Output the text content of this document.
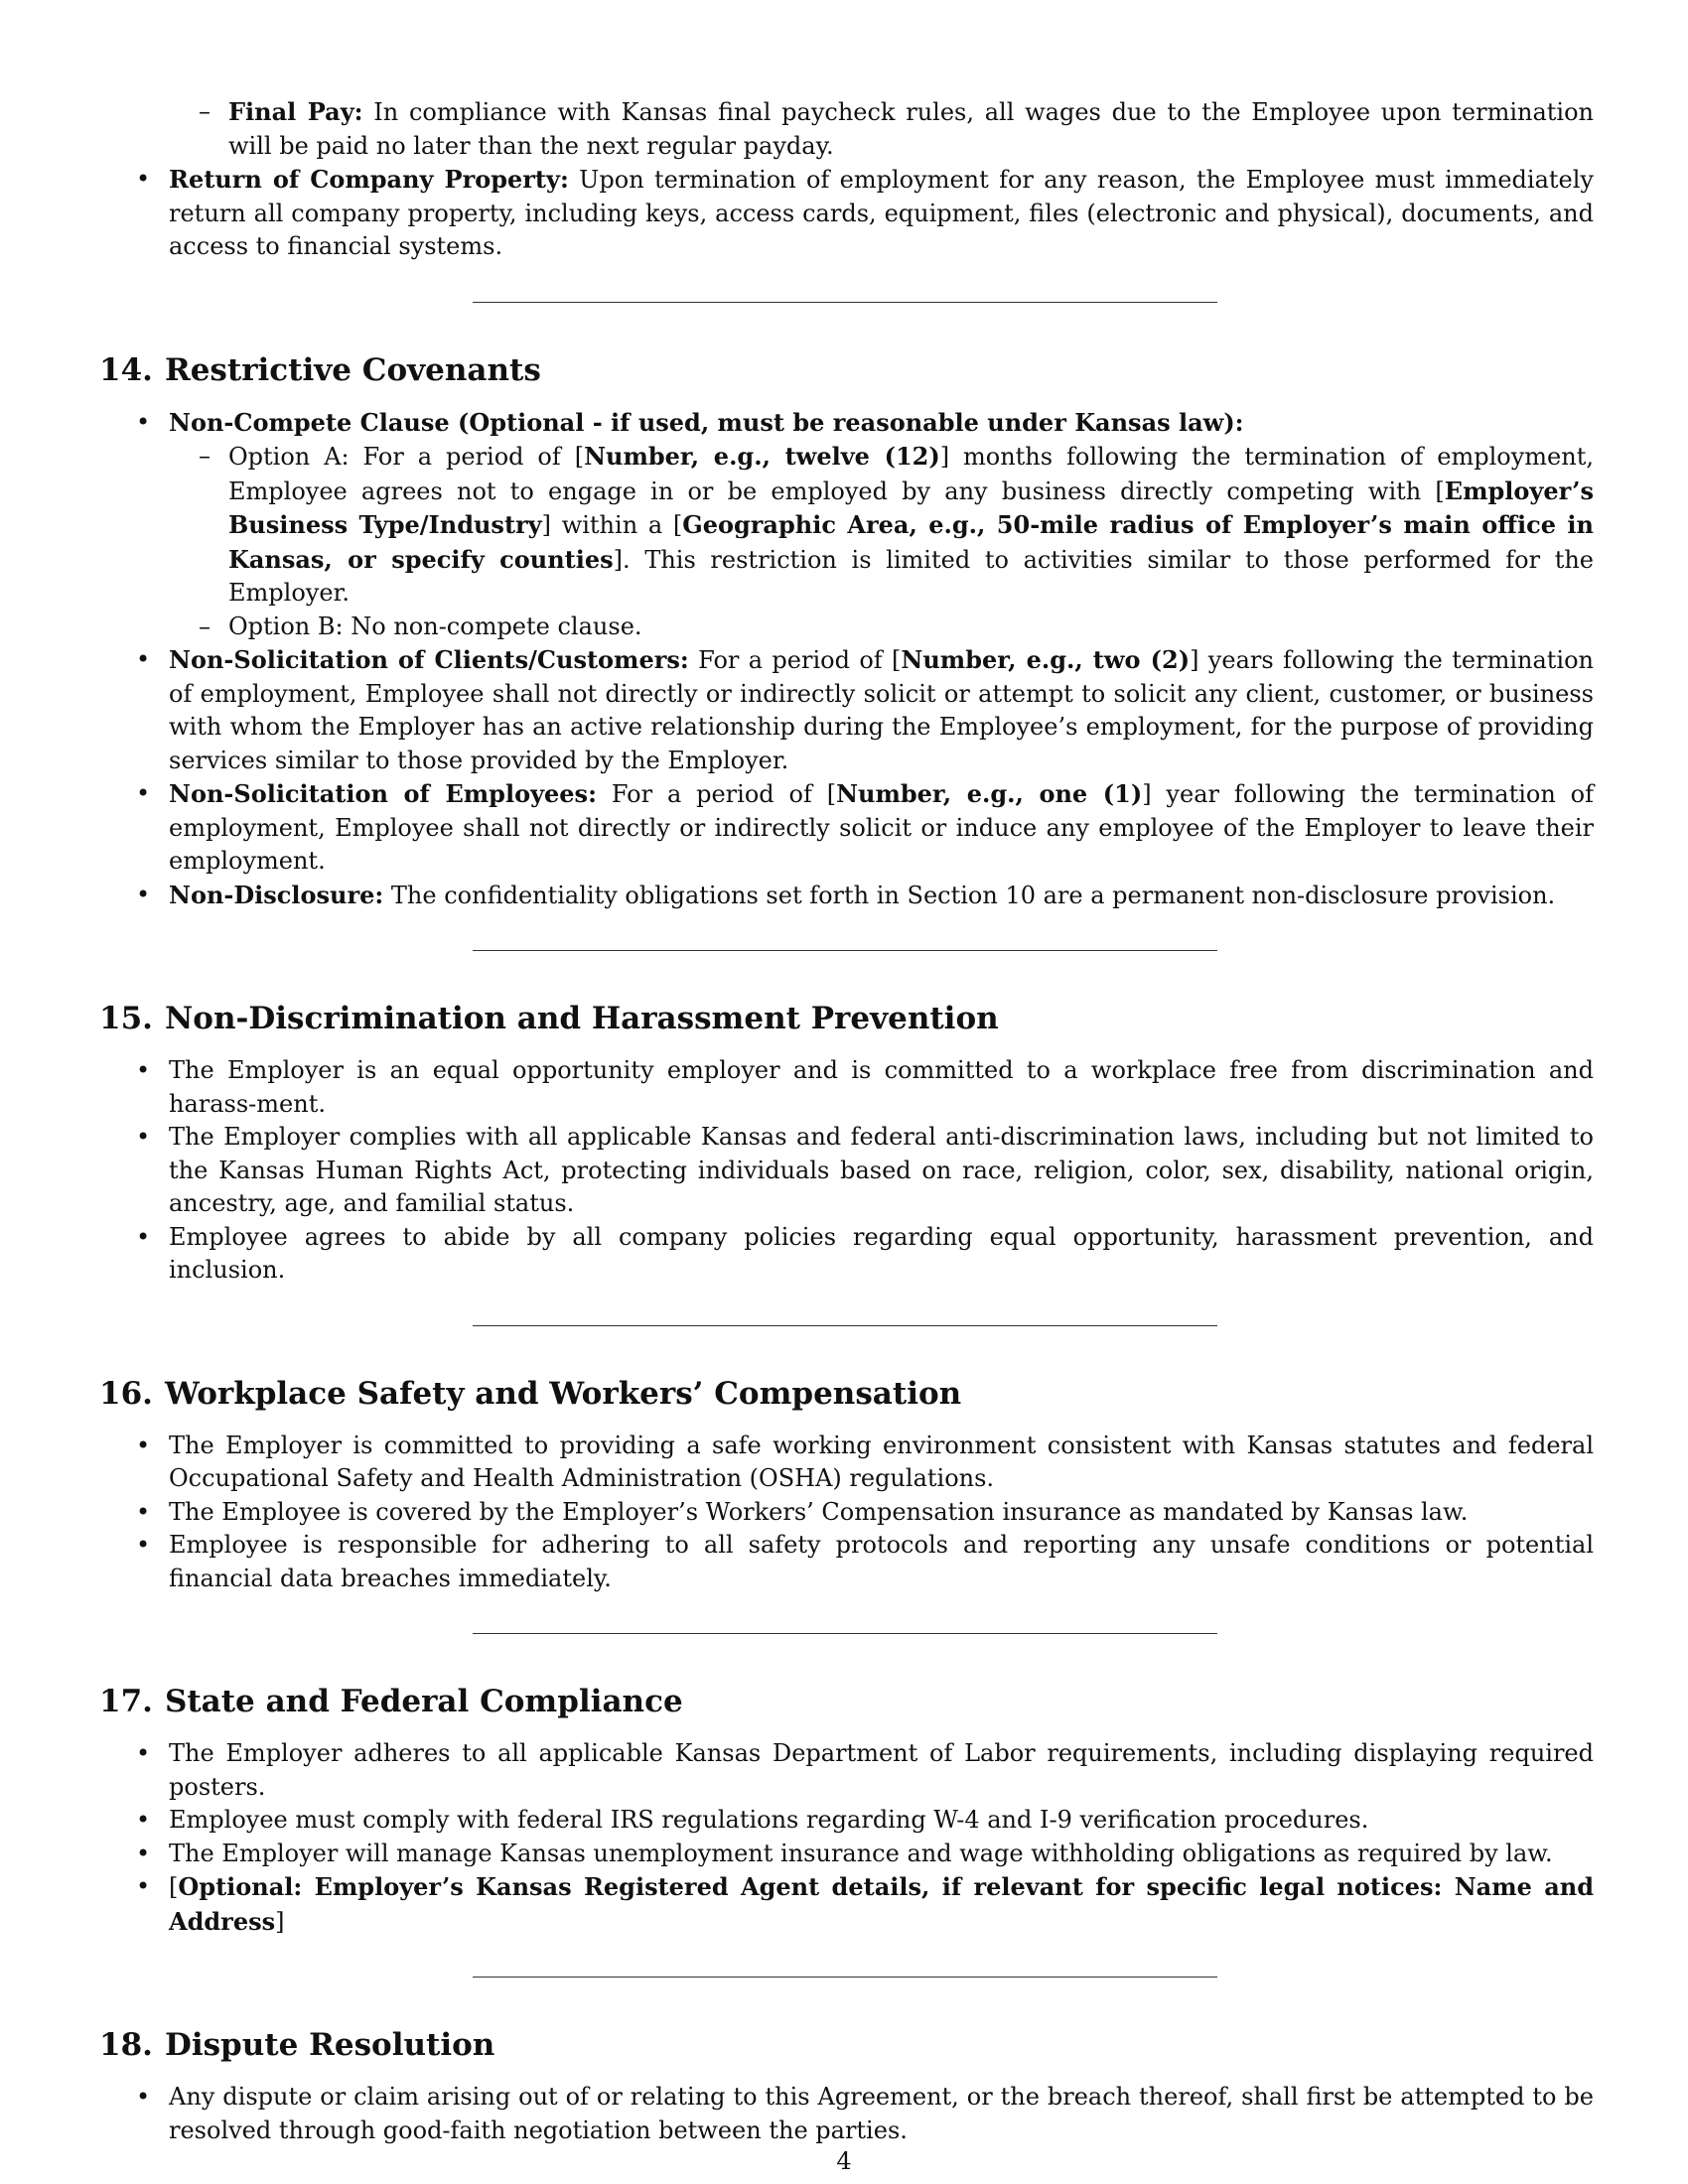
– Final Pay: In compliance with Kansas final paycheck rules, all wages due to the Employee upon termination will be paid no later than the next regular payday.
• Return of Company Property: Upon termination of employment for any reason, the Employee must immediately return all company property, including keys, access cards, equipment, files (electronic and physical), documents, and access to financial systems.
14. Restrictive Covenants
• Non-Compete Clause (Optional - if used, must be reasonable under Kansas law):
– Option A: For a period of [Number, e.g., twelve (12)] months following the termination of employment, Employee agrees not to engage in or be employed by any business directly competing with [Employer’s Business Type/Industry] within a [Geographic Area, e.g., 50-mile radius of Employer’s main office in Kansas, or specify counties]. This restriction is limited to activities similar to those performed for the Employer.
– Option B: No non-compete clause.
• Non-Solicitation of Clients/Customers: For a period of [Number, e.g., two (2)] years following the termination of employment, Employee shall not directly or indirectly solicit or attempt to solicit any client, customer, or business with whom the Employer has an active relationship during the Employee’s employment, for the purpose of providing services similar to those provided by the Employer.
• Non-Solicitation of Employees: For a period of [Number, e.g., one (1)] year following the termination of employment, Employee shall not directly or indirectly solicit or induce any employee of the Employer to leave their employment.
• Non-Disclosure: The confidentiality obligations set forth in Section 10 are a permanent non-disclosure provision.
15. Non-Discrimination and Harassment Prevention
• The Employer is an equal opportunity employer and is committed to a workplace free from discrimination and harass-ment.
• The Employer complies with all applicable Kansas and federal anti-discrimination laws, including but not limited to the Kansas Human Rights Act, protecting individuals based on race, religion, color, sex, disability, national origin, ancestry, age, and familial status.
• Employee agrees to abide by all company policies regarding equal opportunity, harassment prevention, and inclusion.
16. Workplace Safety and Workers’ Compensation
• The Employer is committed to providing a safe working environment consistent with Kansas statutes and federal Occupational Safety and Health Administration (OSHA) regulations.
• The Employee is covered by the Employer’s Workers’ Compensation insurance as mandated by Kansas law.
• Employee is responsible for adhering to all safety protocols and reporting any unsafe conditions or potential financial data breaches immediately.
17. State and Federal Compliance
• The Employer adheres to all applicable Kansas Department of Labor requirements, including displaying required posters.
• Employee must comply with federal IRS regulations regarding W-4 and I-9 verification procedures.
• The Employer will manage Kansas unemployment insurance and wage withholding obligations as required by law.
• [Optional: Employer’s Kansas Registered Agent details, if relevant for specific legal notices: Name and Address]
18. Dispute Resolution
• Any dispute or claim arising out of or relating to this Agreement, or the breach thereof, shall first be attempted to be resolved through good-faith negotiation between the parties.
4
